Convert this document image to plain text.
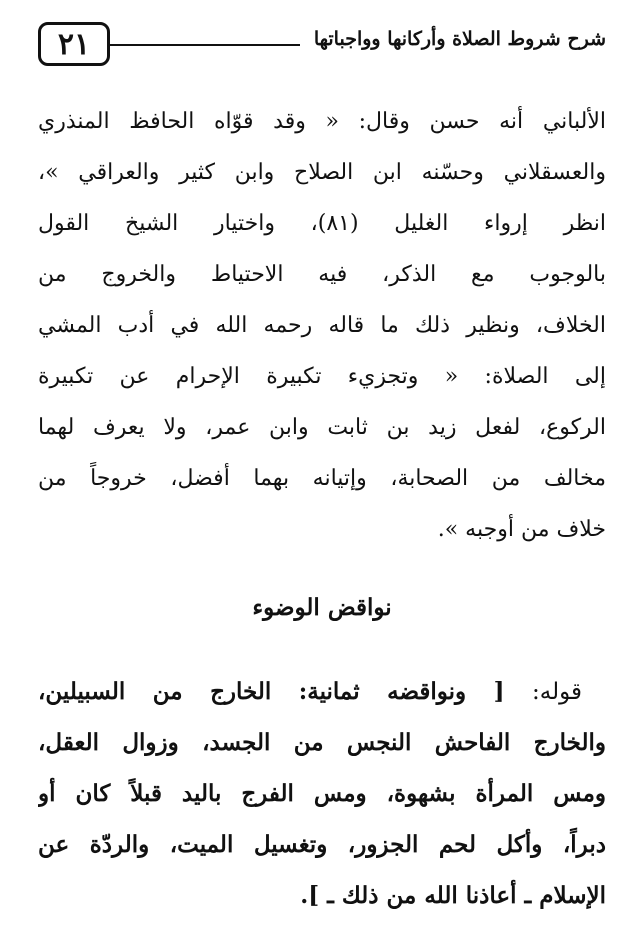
٢١	شرح شروط الصلاة وأركانها وواجباتها
الألباني أنه حسن وقال: « وقد قوّاه الحافظ المنذري
والعسقلاني وحسّنه ابن الصلاح وابن كثير والعراقي »،
انظر إرواء الغليل (٨١)، واختيار الشيخ القول
بالوجوب مع الذكر، فيه الاحتياط والخروج من
الخلاف، ونظير ذلك ما قاله رحمه الله في أدب المشي
إلى الصلاة: « وتجزيء تكبيرة الإحرام عن تكبيرة
الركوع، لفعل زيد بن ثابت وابن عمر، ولا يعرف لهما
مخالف من الصحابة، وإتيانه بهما أفضل، خروجاً من
خلاف من أوجبه ».
نواقض الوضوء
قوله: [ ونواقضه ثمانية: الخارج من السبيلين،
والخارج الفاحش النجس من الجسد، وزوال العقل،
ومس المرأة بشهوة، ومس الفرج باليد قبلاً كان أو
دبراً، وأكل لحم الجزور، وتغسيل الميت، والردّة عن
الإسلام ـ أعاذنا الله من ذلك ـ ].
